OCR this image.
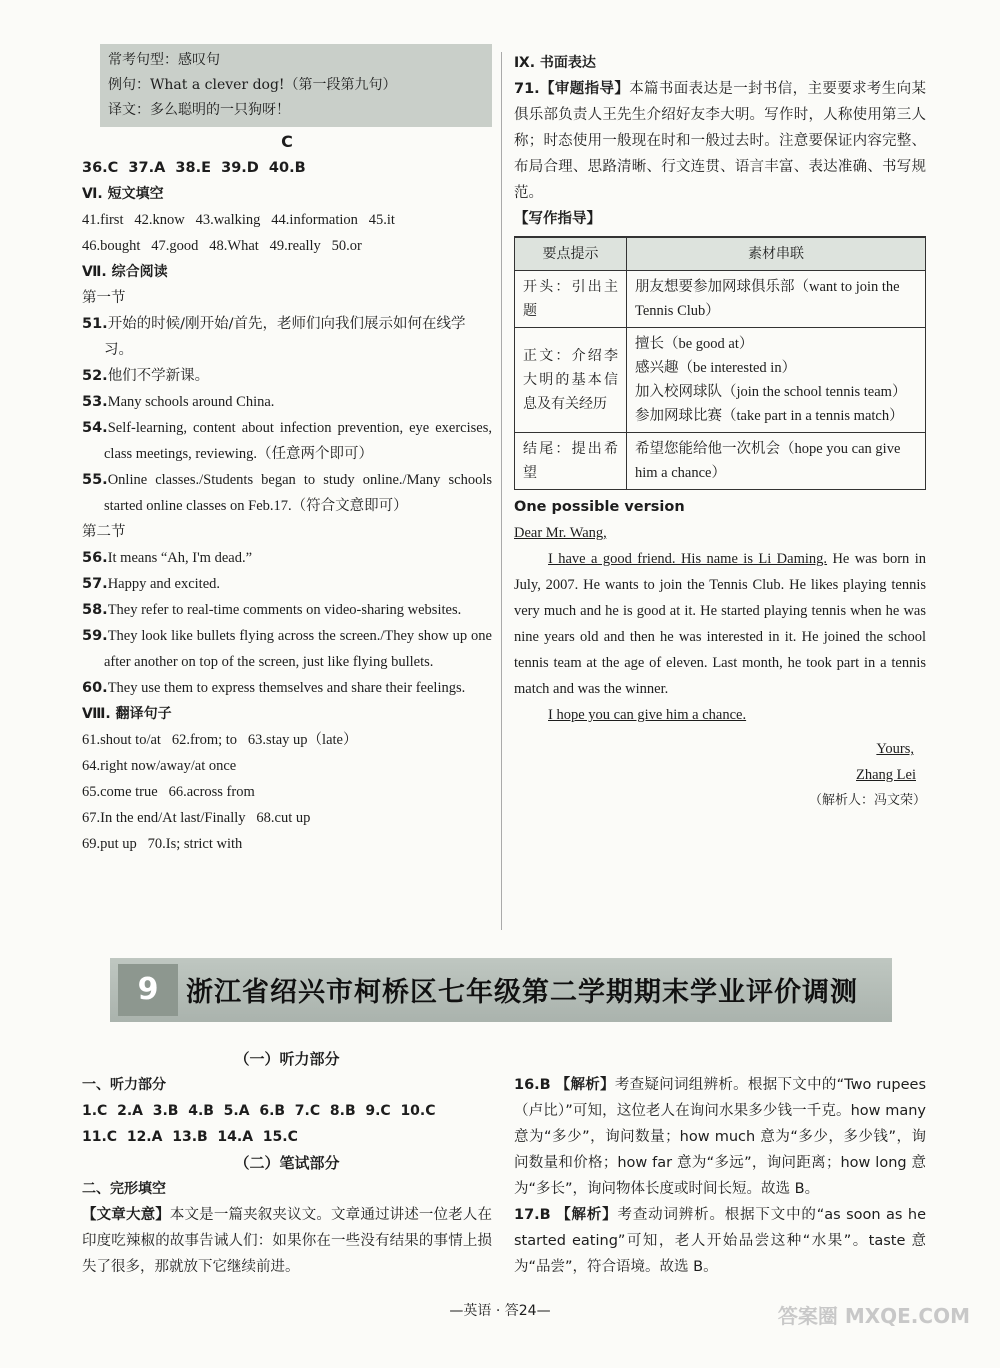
常考句型：感叹句
例句：What a clever dog!（第一段第九句）
译文：多么聪明的一只狗呀！
C
36.C  37.A  38.E  39.D  40.B
Ⅵ. 短文填空
41.first   42.know   43.walking   44.information   45.it
46.bought   47.good   48.What   49.really   50.or
Ⅶ. 综合阅读
第一节
51.开始的时候/刚开始/首先，老师们向我们展示如何在线学习。
52.他们不学新课。
53.Many schools around China.
54.Self-learning, content about infection prevention, eye exercises, class meetings, reviewing.（任意两个即可）
55.Online classes./Students began to study online./Many schools started online classes on Feb.17.（符合文意即可）
第二节
56.It means “Ah, I'm dead.”
57.Happy and excited.
58.They refer to real-time comments on video-sharing websites.
59.They look like bullets flying across the screen./They show up one after another on top of the screen, just like flying bullets.
60.They use them to express themselves and share their feelings.
Ⅷ. 翻译句子
61.shout to/at   62.from; to   63.stay up（late）
64.right now/away/at once
65.come true   66.across from
67.In the end/At last/Finally   68.cut up
69.put up   70.Is; strict with
Ⅸ. 书面表达
71.【审题指导】本篇书面表达是一封书信，主要要求考生向某俱乐部负责人王先生介绍好友李大明。写作时，人称使用第三人称；时态使用一般现在时和一般过去时。注意要保证内容完整、布局合理、思路清晰、行文连贯、语言丰富、表达准确、书写规范。
【写作指导】
要点提示	素材串联
开头：引出主题	朋友想要参加网球俱乐部（want to join the Tennis Club）

正文：介绍李大明的基本信息及有关经历	擅长（be good at）
感兴趣（be interested in）
加入校网球队（join the school tennis team）
参加网球比赛（take part in a tennis match）

结尾：提出希望	希望您能给他一次机会（hope you can give him a chance）
One possible version
Dear Mr. Wang,
I have a good friend. His name is Li Daming. He was born in July, 2007. He wants to join the Tennis Club. He likes playing tennis very much and he is good at it. He started playing tennis when he was nine years old and then he was interested in it. He joined the school tennis team at the age of eleven. Last month, he took part in a tennis match and was the winner.
I hope you can give him a chance.
Yours,
Zhang Lei
（解析人：冯文荣）
9	浙江省绍兴市柯桥区七年级第二学期期末学业评价调测
（一）听力部分
一、听力部分
1.C  2.A  3.B  4.B  5.A  6.B  7.C  8.B  9.C  10.C
11.C  12.A  13.B  14.A  15.C
（二）笔试部分
二、完形填空
【文章大意】本文是一篇夹叙夹议文。文章通过讲述一位老人在印度吃辣椒的故事告诫人们：如果你在一些没有结果的事情上损失了很多，那就放下它继续前进。
16.B 【解析】考查疑问词组辨析。根据下文中的“Two rupees（卢比）”可知，这位老人在询问水果多少钱一千克。how many 意为“多少”，询问数量；how much 意为“多少，多少钱”，询问数量和价格；how far 意为“多远”，询问距离；how long 意为“多长”，询问物体长度或时间长短。故选 B。
17.B 【解析】考查动词辨析。根据下文中的“as soon as he started eating”可知，老人开始品尝这种“水果”。taste 意为“品尝”，符合语境。故选 B。
—英语 · 答24—	答案圈 MXQE.COM
